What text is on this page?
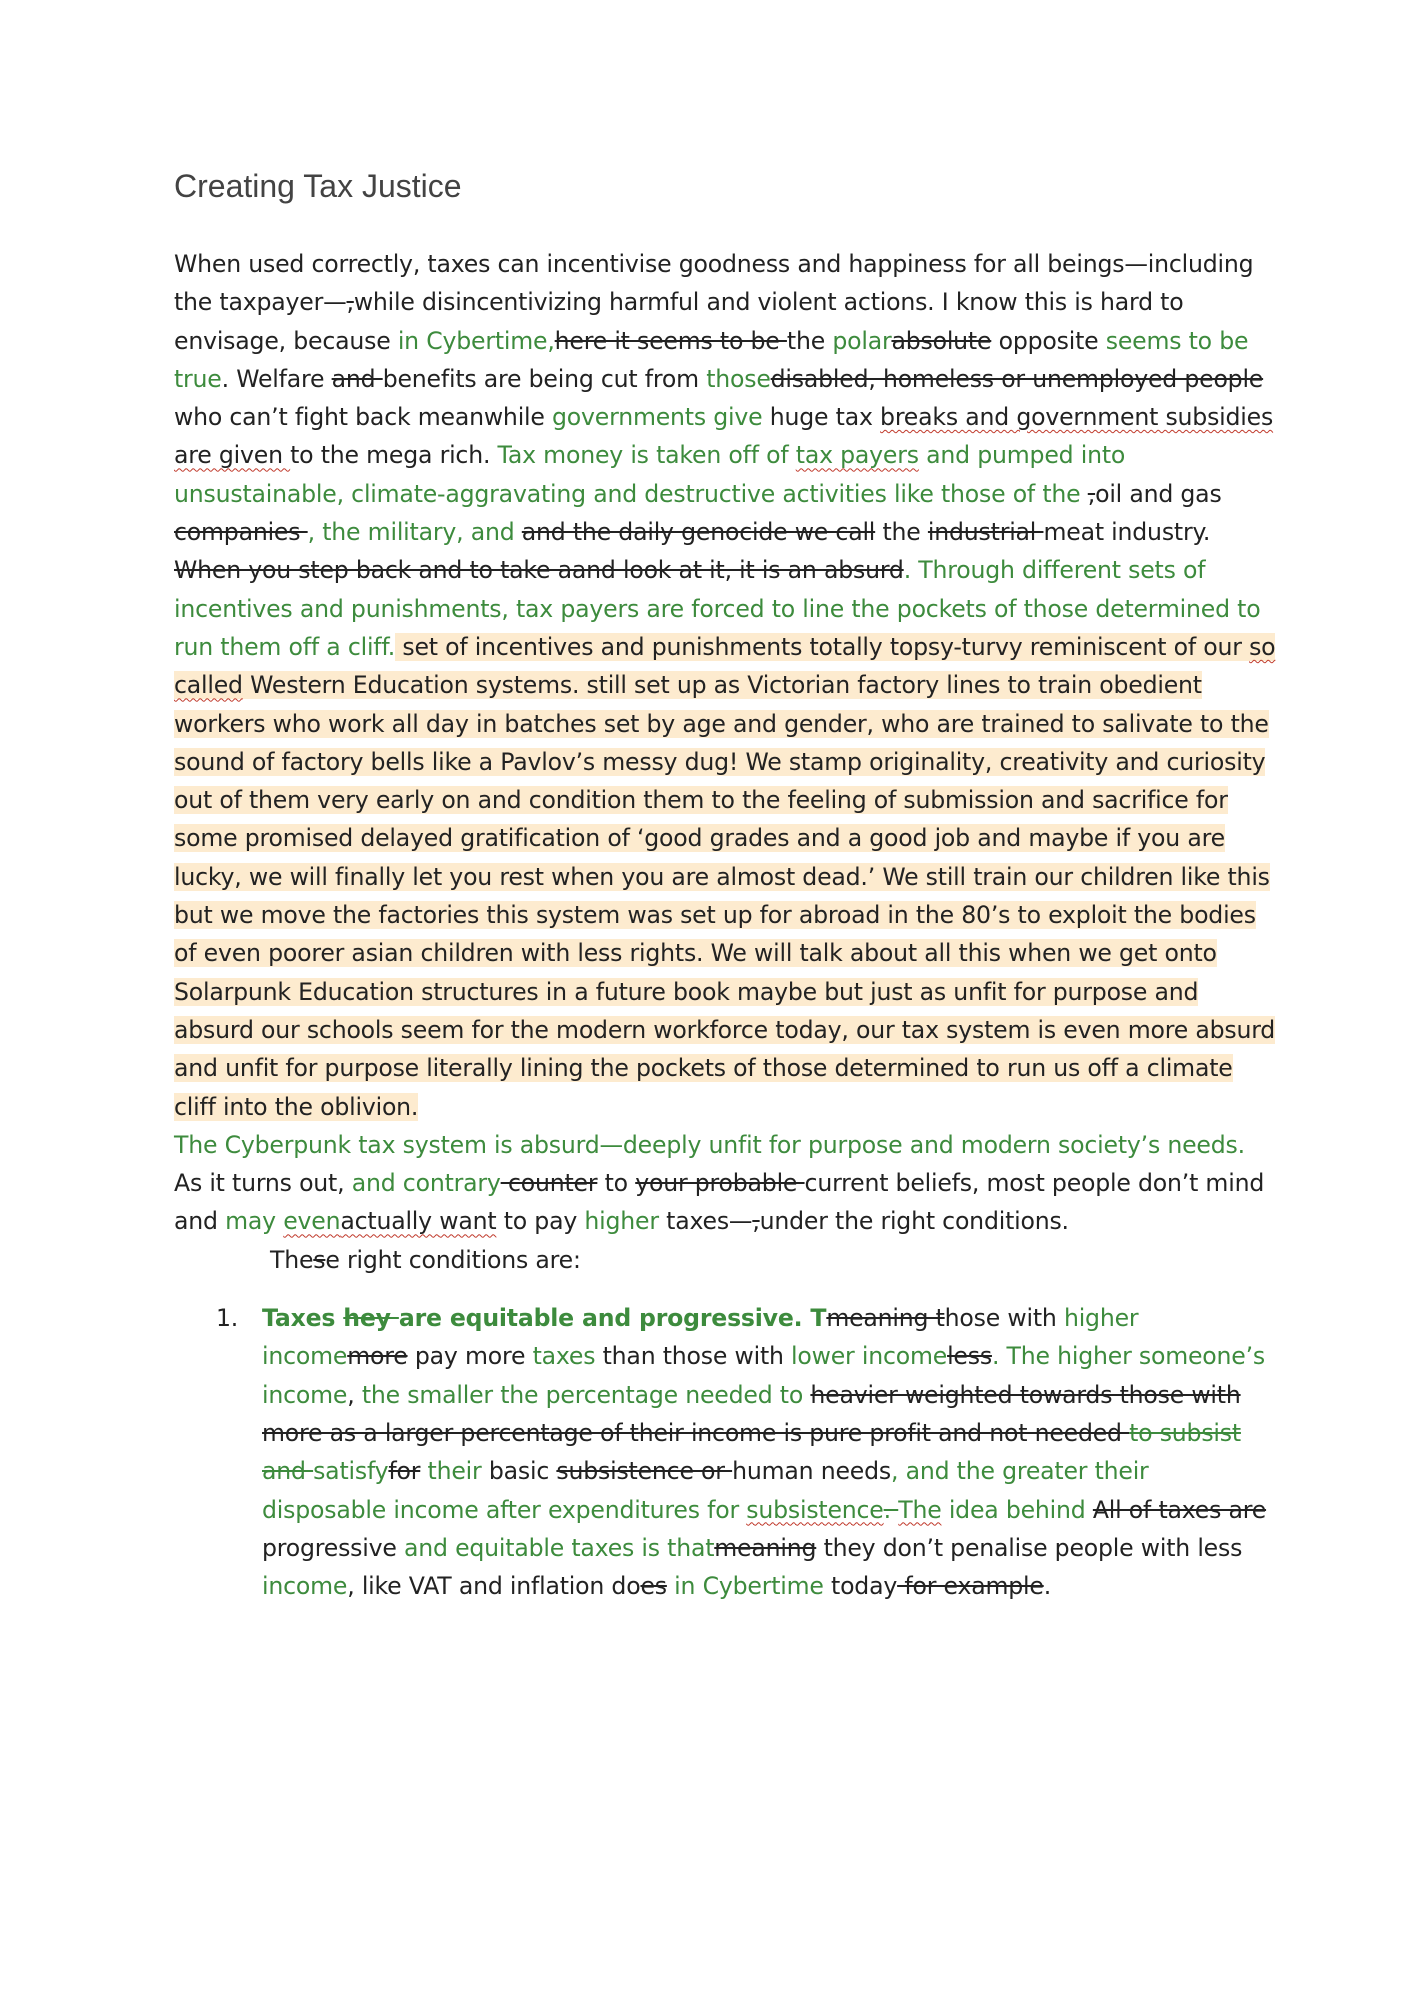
Creating Tax Justice

When used correctly, taxes can incentivise goodness and happiness for all beings—including the taxpayer—,while disincentivizing harmful and violent actions. I know this is hard to envisage, because in Cybertime,here it seems to be the polarabsolute opposite seems to be true. Welfare and benefits are being cut from thosedisabled, homeless or unemployed people who can’t fight back meanwhile governments give huge tax breaks and government subsidies are given to the mega rich. Tax money is taken off of tax payers and pumped into unsustainable, climate-aggravating and destructive activities like those of the ,oil and gas companies , the military, and and the daily genocide we call the industrial meat industry. When you step back and to take aand look at it, it is an absurd. Through different sets of incentives and punishments, tax payers are forced to line the pockets of those determined to run them off a cliff. set of incentives and punishments totally topsy-turvy reminiscent of our so called Western Education systems. still set up as Victorian factory lines to train obedient workers who work all day in batches set by age and gender, who are trained to salivate to the sound of factory bells like a Pavlov’s messy dug! We stamp originality, creativity and curiosity out of them very early on and condition them to the feeling of submission and sacrifice for some promised delayed gratification of ‘good grades and a good job and maybe if you are lucky, we will finally let you rest when you are almost dead.’ We still train our children like this but we move the factories this system was set up for abroad in the 80’s to exploit the bodies of even poorer asian children with less rights. We will talk about all this when we get onto Solarpunk Education structures in a future book maybe but just as unfit for purpose and absurd our schools seem for the modern workforce today, our tax system is even more absurd and unfit for purpose literally lining the pockets of those determined to run us off a climate cliff into the oblivion.

The Cyberpunk tax system is absurd—deeply unfit for purpose and modern society’s needs.

As it turns out, and contrary counter to your probable current beliefs, most people don’t mind and may evenactually want to pay higher taxes—,under the right conditions.

These right conditions are:

1. Taxes hey are equitable and progressive. Tmeaning those with higher incomemore pay more taxes than those with lower incomeless. The higher someone’s income, the smaller the percentage needed to heavier weighted towards those with more as a larger percentage of their income is pure profit and not needed to subsist and satisfyfor their basic subsistence or human needs, and the greater their disposable income after expenditures for subsistence. The idea behind All of taxes are progressive and equitable taxes is thatmeaning they don’t penalise people with less income, like VAT and inflation does in Cybertime today for example.
